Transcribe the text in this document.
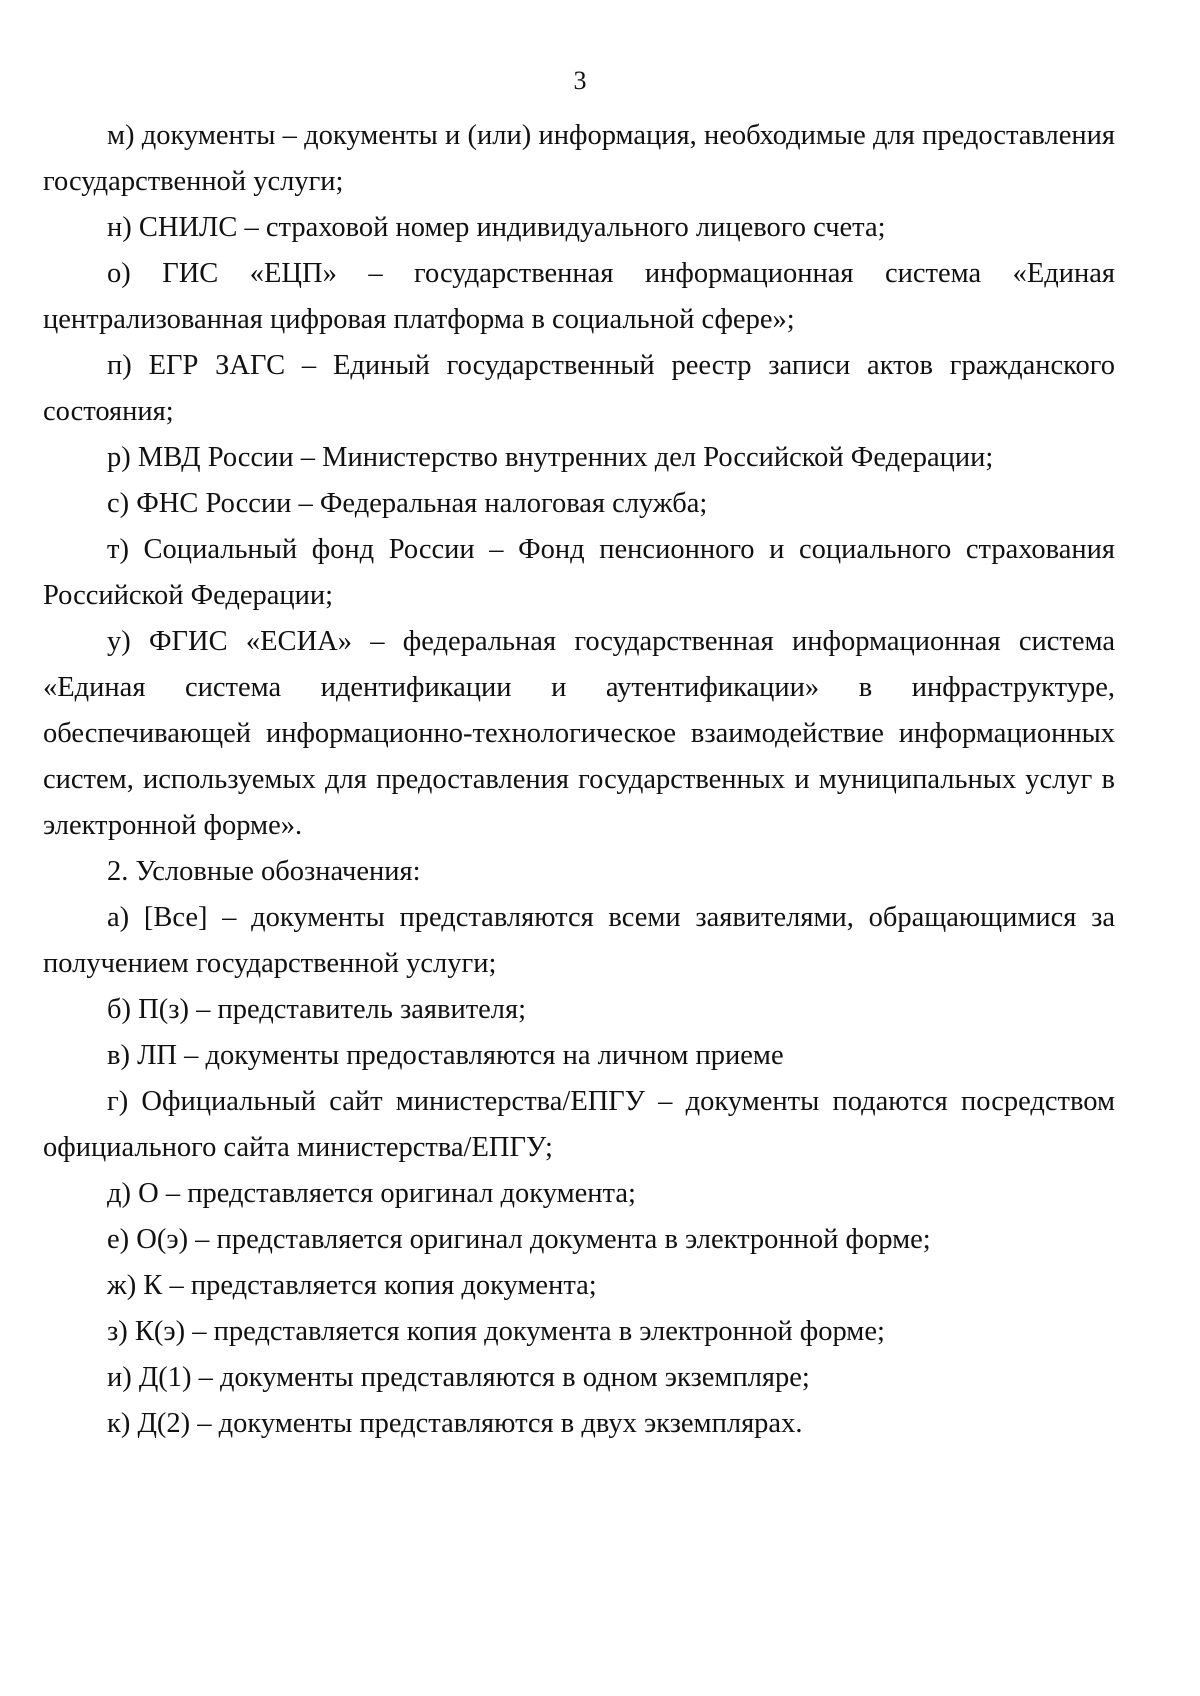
3

м) документы – документы и (или) информация, необходимые для предоставления государственной услуги;

н) СНИЛС – страховой номер индивидуального лицевого счета;

о) ГИС «ЕЦП» – государственная информационная система «Единая централизованная цифровая платформа в социальной сфере»;

п) ЕГР ЗАГС – Единый государственный реестр записи актов гражданского состояния;

р) МВД России – Министерство внутренних дел Российской Федерации;

с) ФНС России – Федеральная налоговая служба;

т) Социальный фонд России – Фонд пенсионного и социального страхования Российской Федерации;

у) ФГИС «ЕСИА» – федеральная государственная информационная система «Единая система идентификации и аутентификации» в инфраструктуре, обеспечивающей информационно-технологическое взаимодействие информационных систем, используемых для предоставления государственных и муниципальных услуг в электронной форме».

2. Условные обозначения:

а) [Все] – документы представляются всеми заявителями, обращающимися за получением государственной услуги;

б) П(з) – представитель заявителя;

в) ЛП – документы предоставляются на личном приеме

г) Официальный сайт министерства/ЕПГУ – документы подаются посредством официального сайта министерства/ЕПГУ;

д) О – представляется оригинал документа;

е) О(э) – представляется оригинал документа в электронной форме;

ж) К – представляется копия документа;

з) К(э) – представляется копия документа в электронной форме;

и) Д(1) – документы представляются в одном экземпляре;

к) Д(2) – документы представляются в двух экземплярах.
